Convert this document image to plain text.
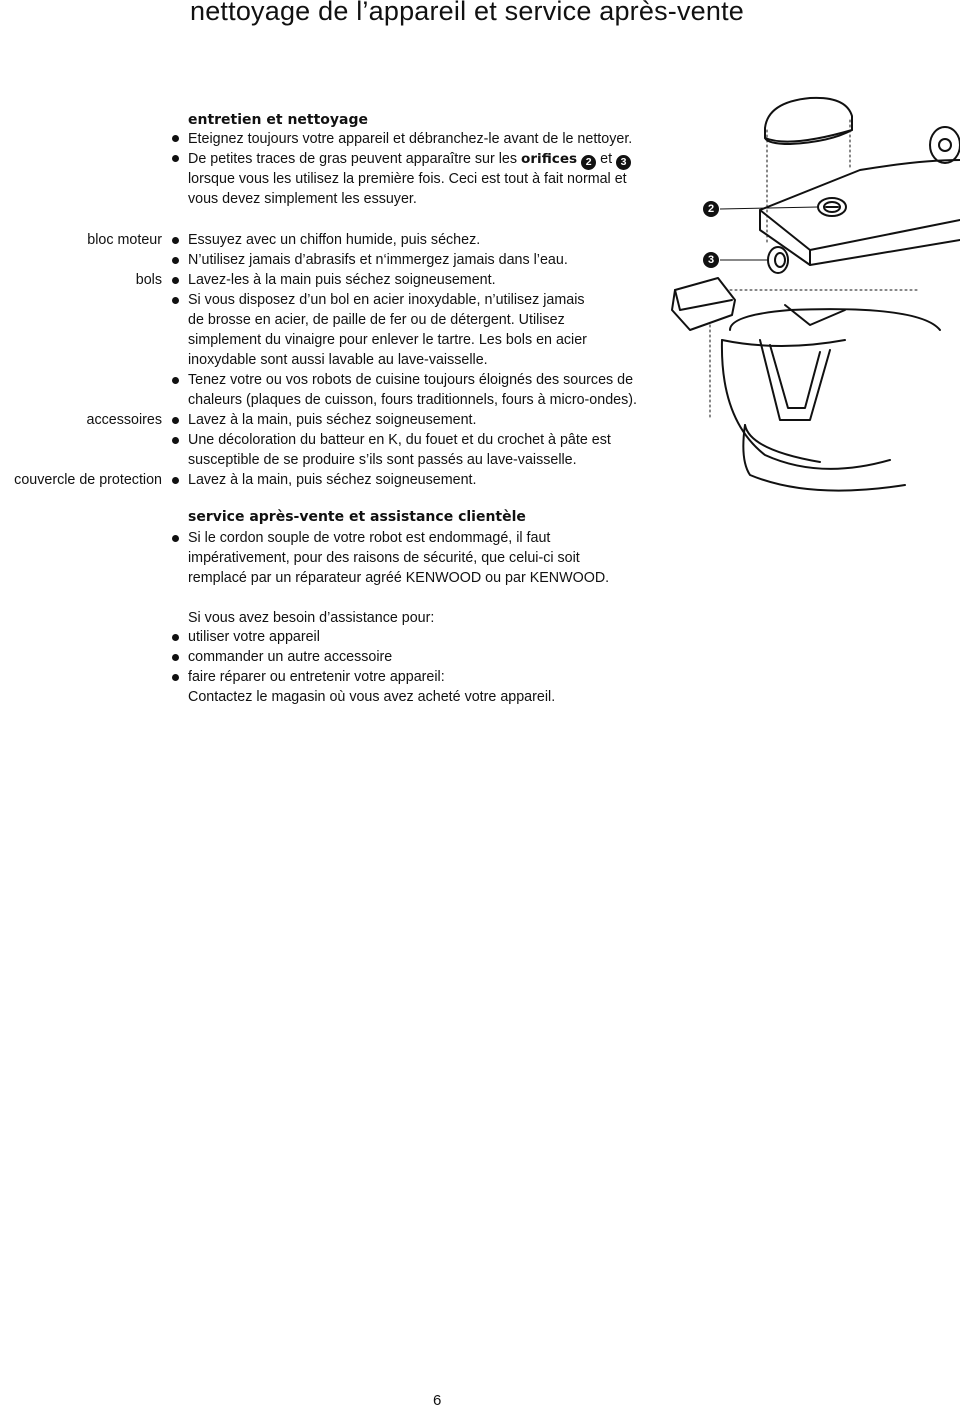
nettoyage de l’appareil et service après-vente
entretien et nettoyage
Eteignez toujours votre appareil et débranchez-le avant de le nettoyer.
De petites traces de gras peuvent apparaître sur les orifices 2 et 3
lorsque vous les utilisez la première fois. Ceci est tout à fait normal et
vous devez simplement les essuyer.
bloc moteur Essuyez avec un chiffon humide, puis séchez.
N’utilisez jamais d’abrasifs et n‘immergez jamais dans l’eau.
bols Lavez-les à la main puis séchez soigneusement.
Si vous disposez d’un bol en acier inoxydable, n’utilisez jamais
de brosse en acier, de paille de fer ou de détergent. Utilisez
simplement du vinaigre pour enlever le tartre. Les bols en acier
inoxydable sont aussi lavable au lave-vaisselle.
Tenez votre ou vos robots de cuisine toujours éloignés des sources de
chaleurs (plaques de cuisson, fours traditionnels, fours à micro-ondes).
accessoires Lavez à la main, puis séchez soigneusement.
Une décoloration du batteur en K, du fouet et du crochet à pâte est
susceptible de se produire s’ils sont passés au lave-vaisselle.
couvercle de protection Lavez à la main, puis séchez soigneusement.
service après-vente et assistance clientèle
Si le cordon souple de votre robot est endommagé, il faut
impérativement, pour des raisons de sécurité, que celui-ci soit
remplacé par un réparateur agréé KENWOOD ou par KENWOOD.
Si vous avez besoin d’assistance pour:
utiliser votre appareil
commander un autre accessoire
faire réparer ou entretenir votre appareil:
Contactez le magasin où vous avez acheté votre appareil.
2
3
6
